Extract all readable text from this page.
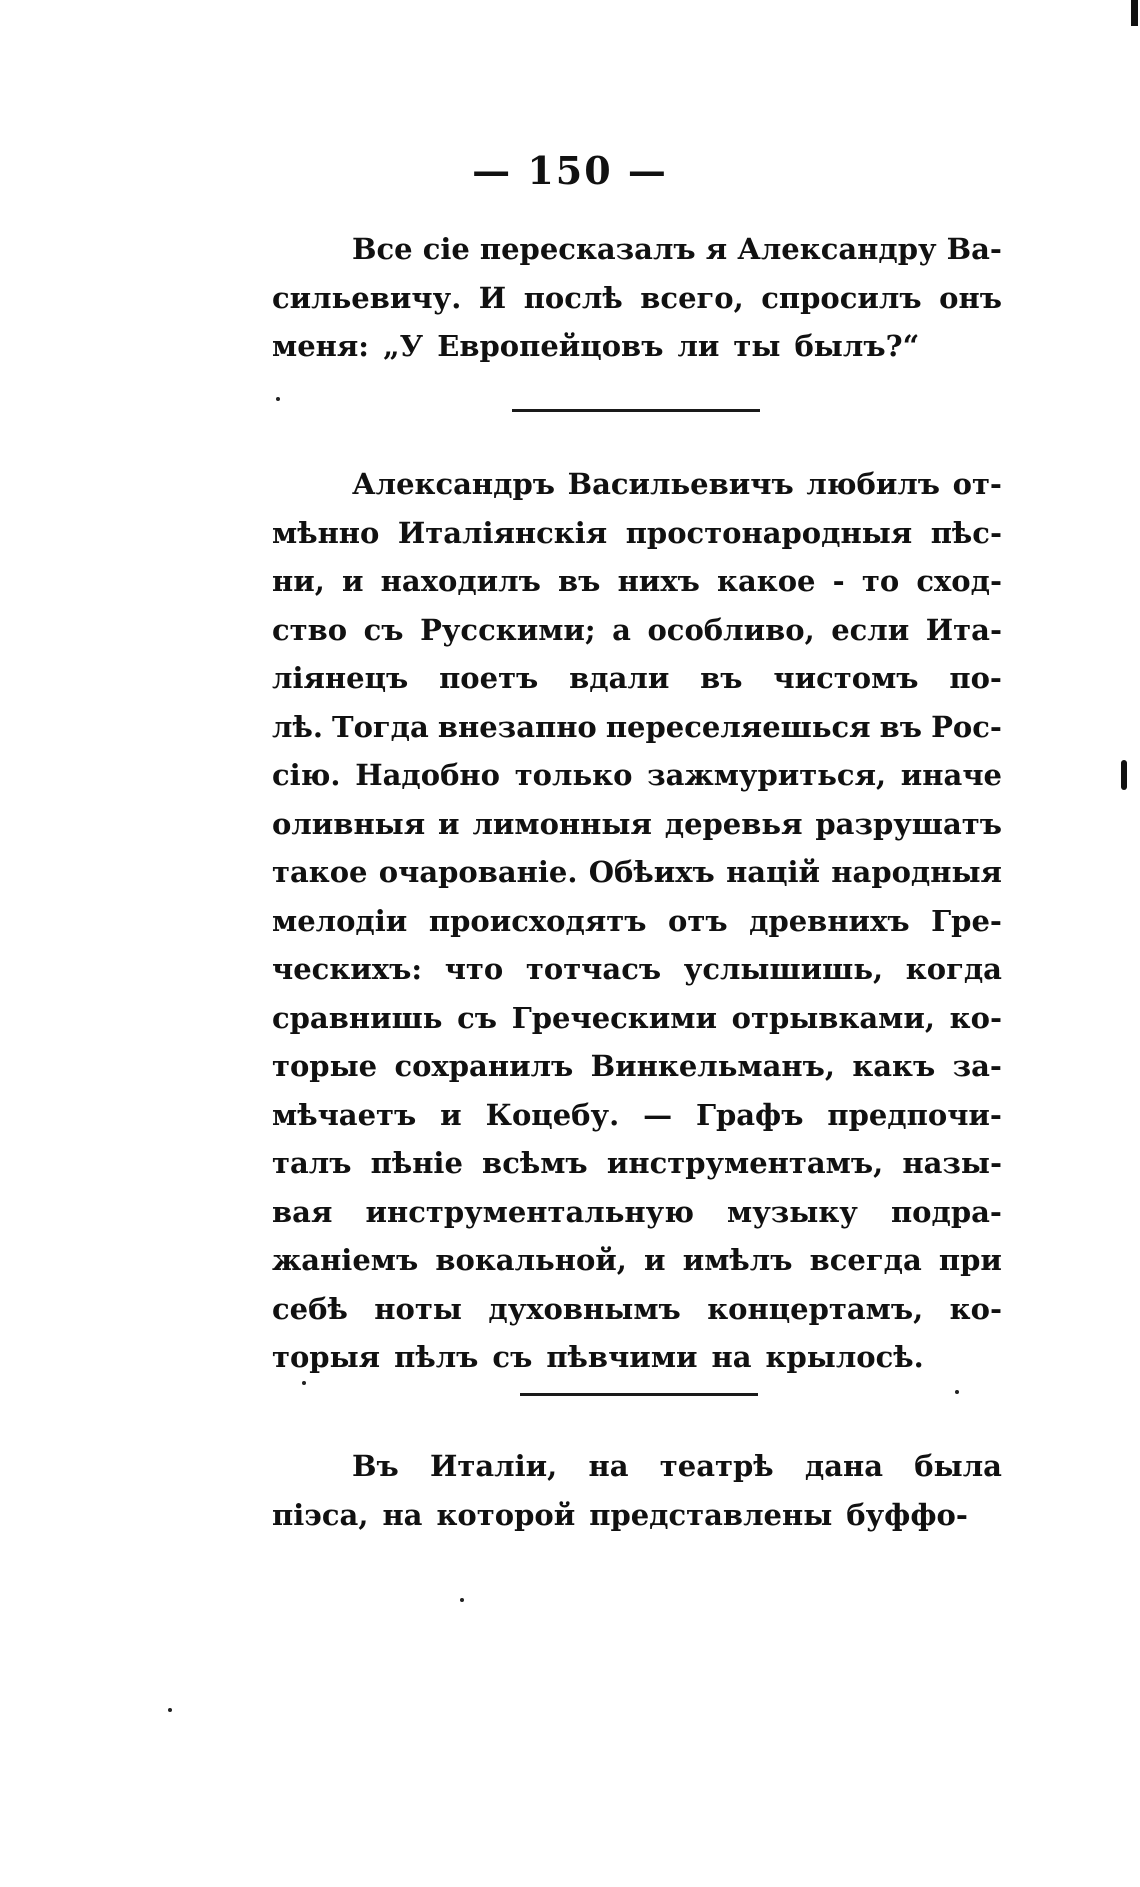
— 150 —
Все сіе пересказалъ я Александру Ва-
сильевичу. И послѣ всего, спросилъ онъ
меня: „У Европейцовъ ли ты былъ?“
Александръ Васильевичъ любилъ от-
мѣнно Италіянскія простонародныя пѣс-
ни, и находилъ въ нихъ какое - то сход-
ство съ Русскими; а особливо, если Ита-
ліянецъ поетъ вдали въ чистомъ по-
лѣ. Тогда внезапно переселяешься въ Рос-
сію. Надобно только зажмуриться, иначе
оливныя и лимонныя деревья разрушатъ
такое очарованіе. Обѣихъ націй народныя
мелодіи происходятъ отъ древнихъ Гре-
ческихъ: что тотчасъ услышишь, когда
сравнишь съ Греческими отрывками, ко-
торые сохранилъ Винкельманъ, какъ за-
мѣчаетъ и Коцебу. — Графъ предпочи-
талъ пѣніе всѣмъ инструментамъ, назы-
вая инструментальную музыку подра-
жаніемъ вокальной, и имѣлъ всегда при
себѣ ноты духовнымъ концертамъ, ко-
торыя пѣлъ съ пѣвчими на крылосѣ.
Въ Италіи, на театрѣ дана была
піэса, на которой представлены буффо-
